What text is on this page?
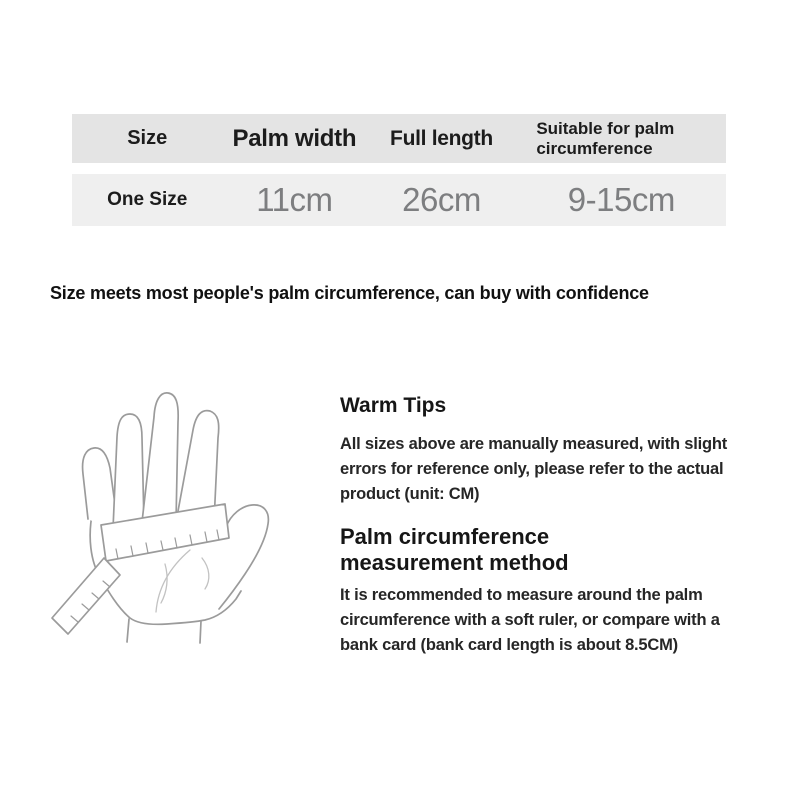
Size	Palm width	Full length	Suitable for palm circumference
One Size	11cm	26cm	9-15cm
Size meets most people's palm circumference, can buy with confidence
Warm Tips
All sizes above are manually measured, with slight
errors for reference only, please refer to the actual
product (unit: CM)
Palm circumference
measurement method
It is recommended to measure around the palm
circumference with a soft ruler, or compare with a
bank card (bank card length is about 8.5CM)
